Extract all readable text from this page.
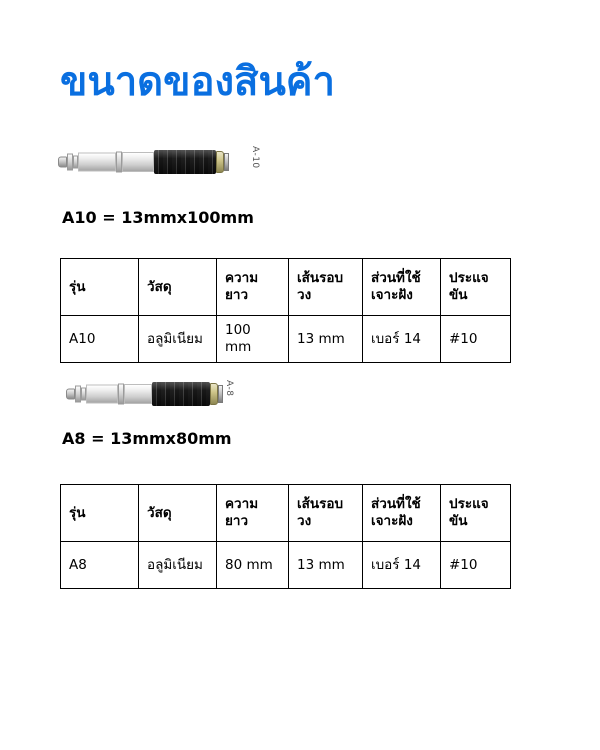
ขนาดของสินค้า
A-10
A10 = 13mmx100mm
รุ่น	วัสดุ	ความยาว	เส้นรอบวง	ส่วนที่ใช้เจาะฝัง	ประแจขัน
A10	อลูมิเนียม	100 mm	13 mm	เบอร์ 14	#10
A-8
A8 = 13mmx80mm
รุ่น	วัสดุ	ความยาว	เส้นรอบวง	ส่วนที่ใช้เจาะฝัง	ประแจขัน
A8	อลูมิเนียม	80 mm	13 mm	เบอร์ 14	#10
